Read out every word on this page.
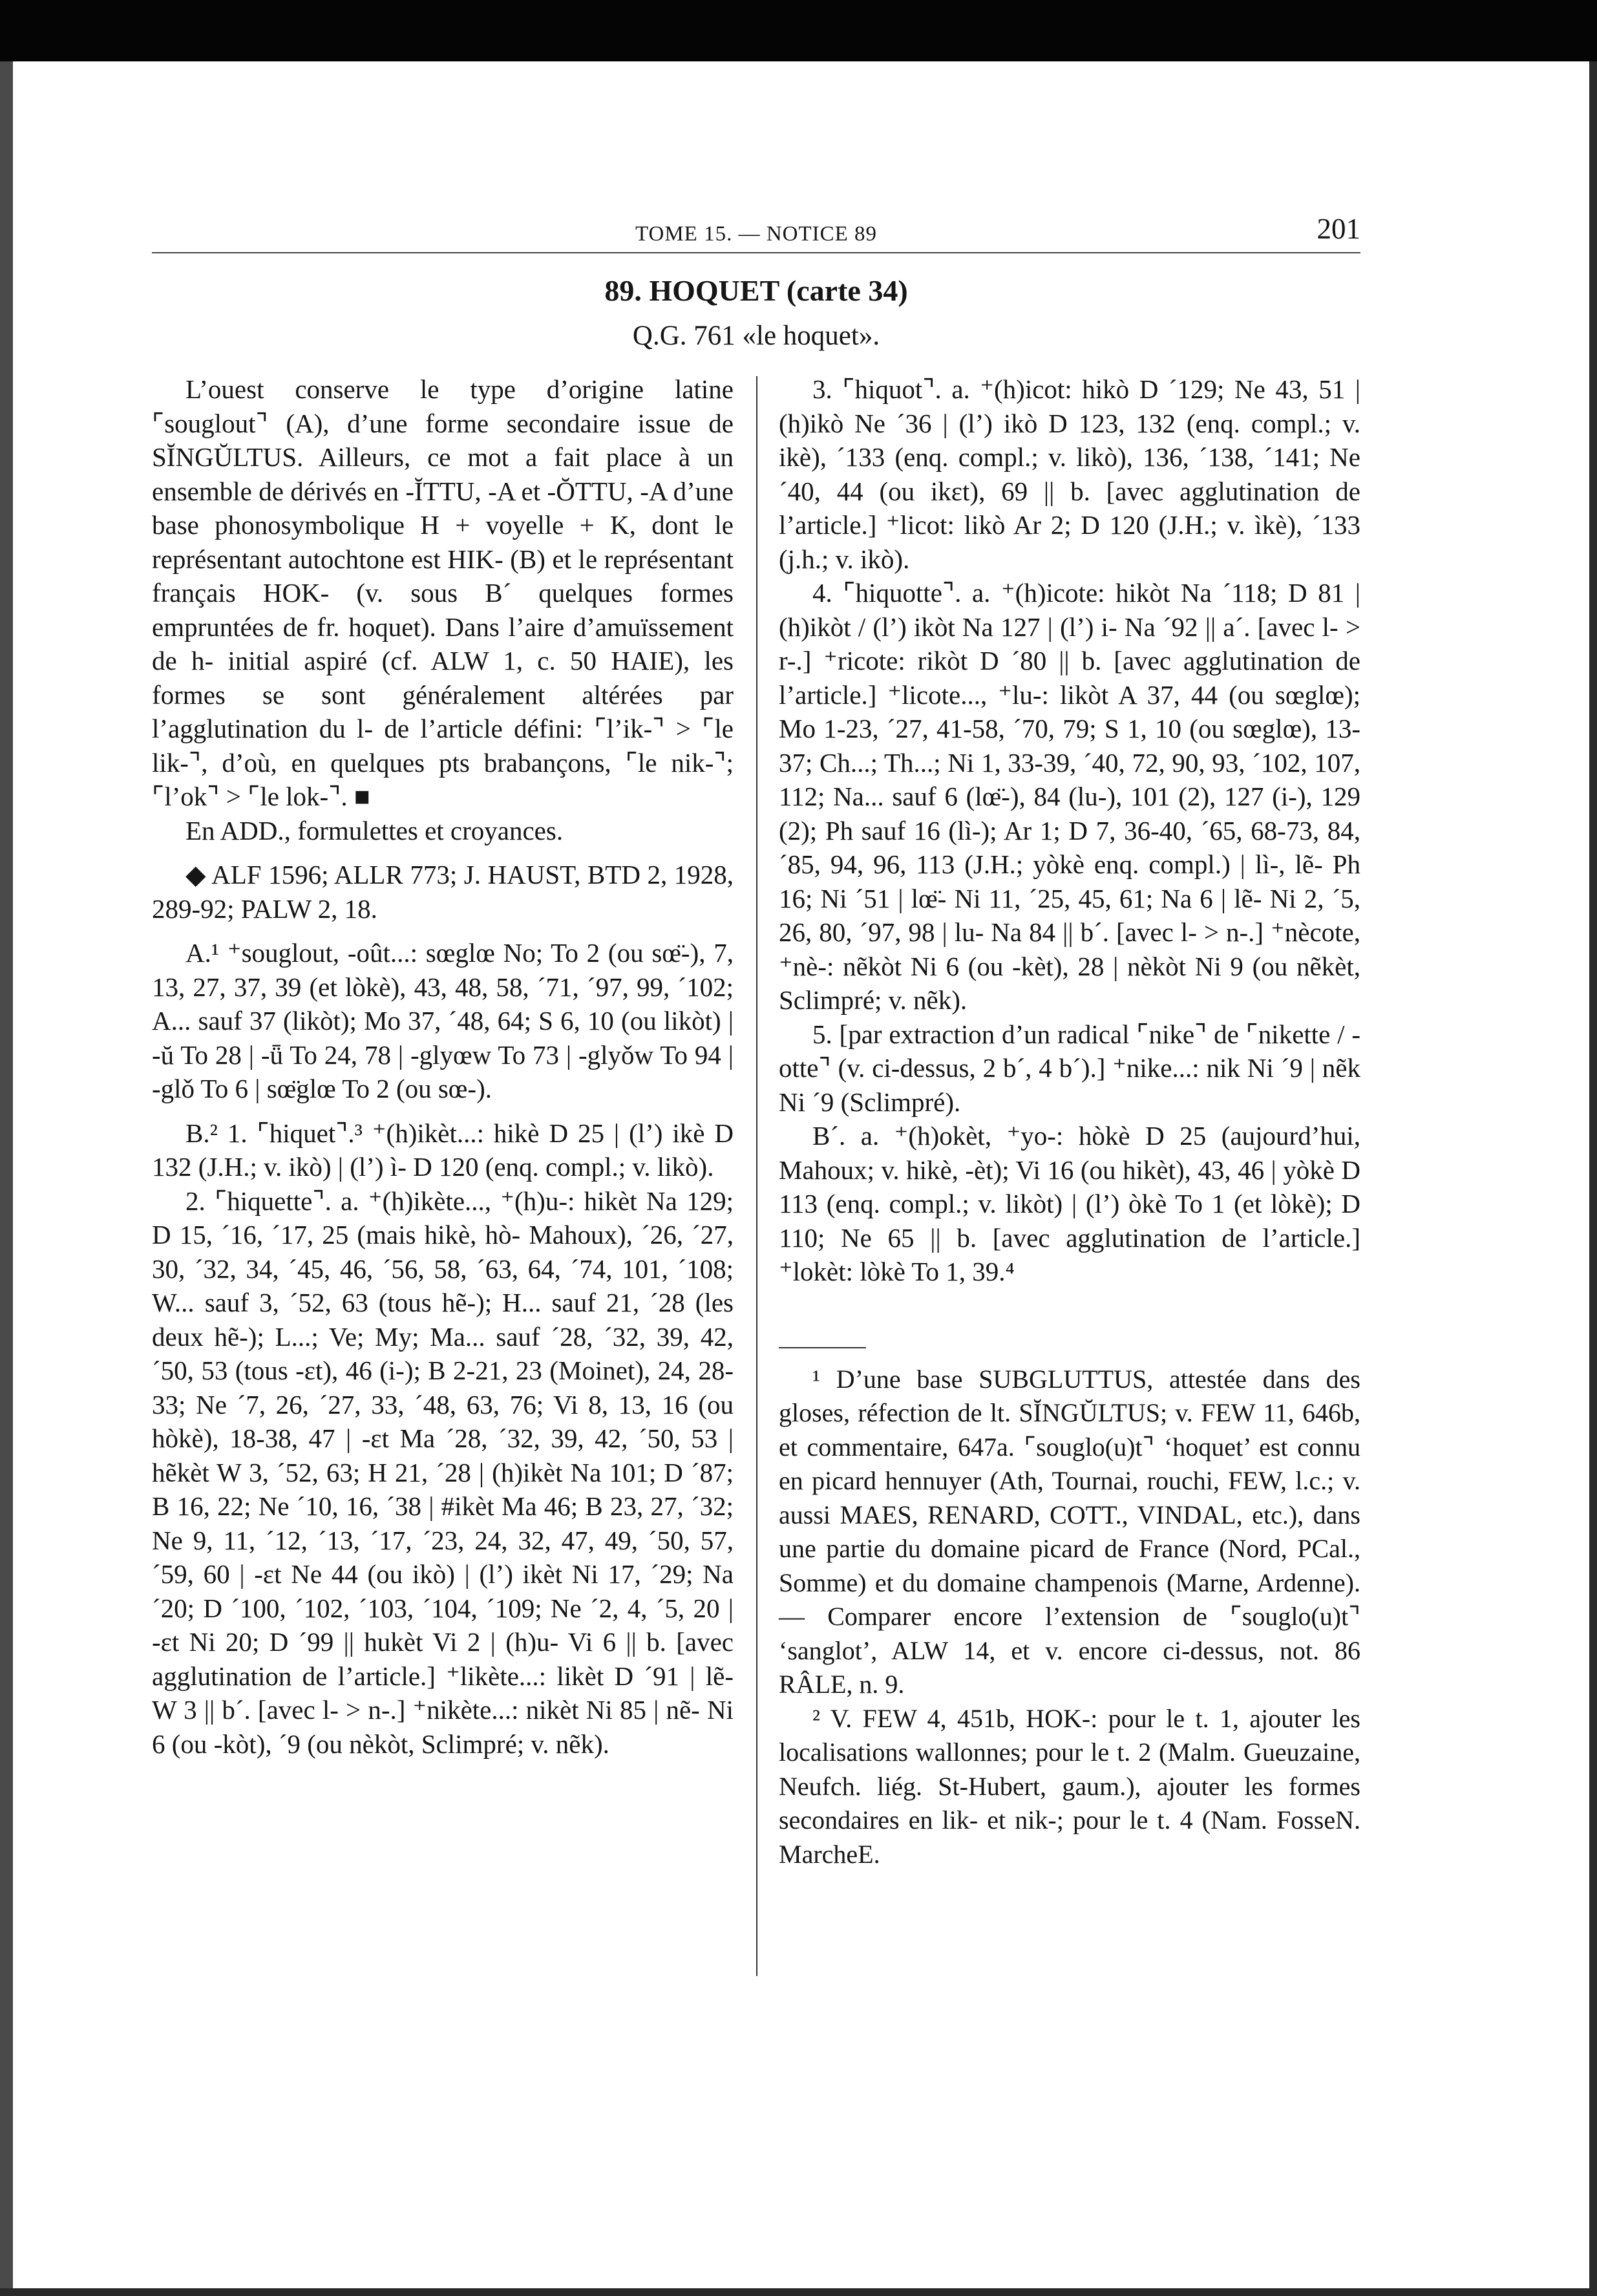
TOME 15. — NOTICE 89	201
89. HOQUET (carte 34)
Q.G. 761 «le hoquet».

L’ouest conserve le type d’origine latine ⌜souglout⌝ (A), d’une forme secondaire issue de SĬNGŬLTUS. Ailleurs, ce mot a fait place à un ensemble de dérivés en -ĬTTU, -A et -ŎTTU, -A d’une base phonosymbolique H + voyelle + K, dont le représentant autochtone est HIK- (B) et le représentant français HOK- (v. sous B´ quelques formes empruntées de fr. hoquet). Dans l’aire d’amuïssement de h- initial aspiré (cf. ALW 1, c. 50 HAIE), les formes se sont généralement altérées par l’agglutination du l- de l’article défini: ⌜l’ik-⌝ > ⌜le lik-⌝, d’où, en quelques pts brabançons, ⌜le nik-⌝; ⌜l’ok⌝ > ⌜le lok-⌝. ■

En ADD., formulettes et croyances.

◆ ALF 1596; ALLR 773; J. HAUST, BTD 2, 1928, 289-92; PALW 2, 18.

A.¹ ⁺souglout, -oût...: sœglœ No; To 2 (ou sœ̈-), 7, 13, 27, 37, 39 (et lòkè), 43, 48, 58, ´71, ´97, 99, ´102; A... sauf 37 (likòt); Mo 37, ´48, 64; S 6, 10 (ou likòt) | -ŭ To 28 | -ǖ To 24, 78 | -glyœw To 73 | -glyǒw To 94 | -glǒ To 6 | sœ̈glœ To 2 (ou sœ-).

B.² 1. ⌜hiquet⌝.³ ⁺(h)ikèt...: hikè D 25 | (l’) ikè D 132 (J.H.; v. ikò) | (l’) ì- D 120 (enq. compl.; v. likò).

2. ⌜hiquette⌝. a. ⁺(h)ikète..., ⁺(h)u-: hikèt Na 129; D 15, ´16, ´17, 25 (mais hikè, hò- Mahoux), ´26, ´27, 30, ´32, 34, ´45, 46, ´56, 58, ´63, 64, ´74, 101, ´108; W... sauf 3, ´52, 63 (tous hẽ-); H... sauf 21, ´28 (les deux hẽ-); L...; Ve; My; Ma... sauf ´28, ´32, 39, 42, ´50, 53 (tous -ɛt), 46 (i-); B 2-21, 23 (Moinet), 24, 28-33; Ne ´7, 26, ´27, 33, ´48, 63, 76; Vi 8, 13, 16 (ou hòkè), 18-38, 47 | -ɛt Ma ´28, ´32, 39, 42, ´50, 53 | hẽkèt W 3, ´52, 63; H 21, ´28 | (h)ikèt Na 101; D ´87; B 16, 22; Ne ´10, 16, ´38 | #ikèt Ma 46; B 23, 27, ´32; Ne 9, 11, ´12, ´13, ´17, ´23, 24, 32, 47, 49, ´50, 57, ´59, 60 | -ɛt Ne 44 (ou ikò) | (l’) ikèt Ni 17, ´29; Na ´20; D ´100, ´102, ´103, ´104, ´109; Ne ´2, 4, ´5, 20 | -ɛt Ni 20; D ´99 || hukèt Vi 2 | (h)u- Vi 6 || b. [avec agglutination de l’article.] ⁺likète...: likèt D ´91 | lẽ- W 3 || b´. [avec l- > n-.] ⁺nikète...: nikèt Ni 85 | nẽ- Ni 6 (ou -kòt), ´9 (ou nèkòt, Sclimpré; v. nẽk).

3. ⌜hiquot⌝. a. ⁺(h)icot: hikò D ´129; Ne 43, 51 | (h)ikò Ne ´36 | (l’) ikò D 123, 132 (enq. compl.; v. ikè), ´133 (enq. compl.; v. likò), 136, ´138, ´141; Ne ´40, 44 (ou ikɛt), 69 || b. [avec agglutination de l’article.] ⁺licot: likò Ar 2; D 120 (J.H.; v. ìkè), ´133 (j.h.; v. ikò).

4. ⌜hiquotte⌝. a. ⁺(h)icote: hikòt Na ´118; D 81 | (h)ikòt / (l’) ikòt Na 127 | (l’) i- Na ´92 || a´. [avec l- > r-.] ⁺ricote: rikòt D ´80 || b. [avec agglutination de l’article.] ⁺licote..., ⁺lu-: likòt A 37, 44 (ou sœglœ); Mo 1-23, ´27, 41-58, ´70, 79; S 1, 10 (ou sœglœ), 13-37; Ch...; Th...; Ni 1, 33-39, ´40, 72, 90, 93, ´102, 107, 112; Na... sauf 6 (lœ̈-), 84 (lu-), 101 (2), 127 (i-), 129 (2); Ph sauf 16 (lì-); Ar 1; D 7, 36-40, ´65, 68-73, 84, ´85, 94, 96, 113 (J.H.; yòkè enq. compl.) | lì-, lẽ- Ph 16; Ni ´51 | lœ̈- Ni 11, ´25, 45, 61; Na 6 | lẽ- Ni 2, ´5, 26, 80, ´97, 98 | lu- Na 84 || b´. [avec l- > n-.] ⁺nècote, ⁺nè-: nẽkòt Ni 6 (ou -kèt), 28 | nèkòt Ni 9 (ou nẽkèt, Sclimpré; v. nẽk).

5. [par extraction d’un radical ⌜nike⌝ de ⌜nikette / -otte⌝ (v. ci-dessus, 2 b´, 4 b´).] ⁺nike...: nik Ni ´9 | nẽk Ni ´9 (Sclimpré).

B´. a. ⁺(h)okèt, ⁺yo-: hòkè D 25 (aujourd’hui, Mahoux; v. hikè, -èt); Vi 16 (ou hikèt), 43, 46 | yòkè D 113 (enq. compl.; v. likòt) | (l’) òkè To 1 (et lòkè); D 110; Ne 65 || b. [avec agglutination de l’article.] ⁺lokèt: lòkè To 1, 39.⁴

¹ D’une base SUBGLUTTUS, attestée dans des gloses, réfection de lt. SĬNGŬLTUS; v. FEW 11, 646b, et commentaire, 647a. ⌜souglo(u)t⌝ ‘hoquet’ est connu en picard hennuyer (Ath, Tournai, rouchi, FEW, l.c.; v. aussi MAES, RENARD, COTT., VINDAL, etc.), dans une partie du domaine picard de France (Nord, PCal., Somme) et du domaine champenois (Marne, Ardenne). — Comparer encore l’extension de ⌜souglo(u)t⌝ ‘sanglot’, ALW 14, et v. encore ci-dessus, not. 86 RÂLE, n. 9.

² V. FEW 4, 451b, HOK-: pour le t. 1, ajouter les localisations wallonnes; pour le t. 2 (Malm. Gueuzaine, Neufch. liég. St-Hubert, gaum.), ajouter les formes secondaires en lik- et nik-; pour le t. 4 (Nam. FosseN. MarcheE.
